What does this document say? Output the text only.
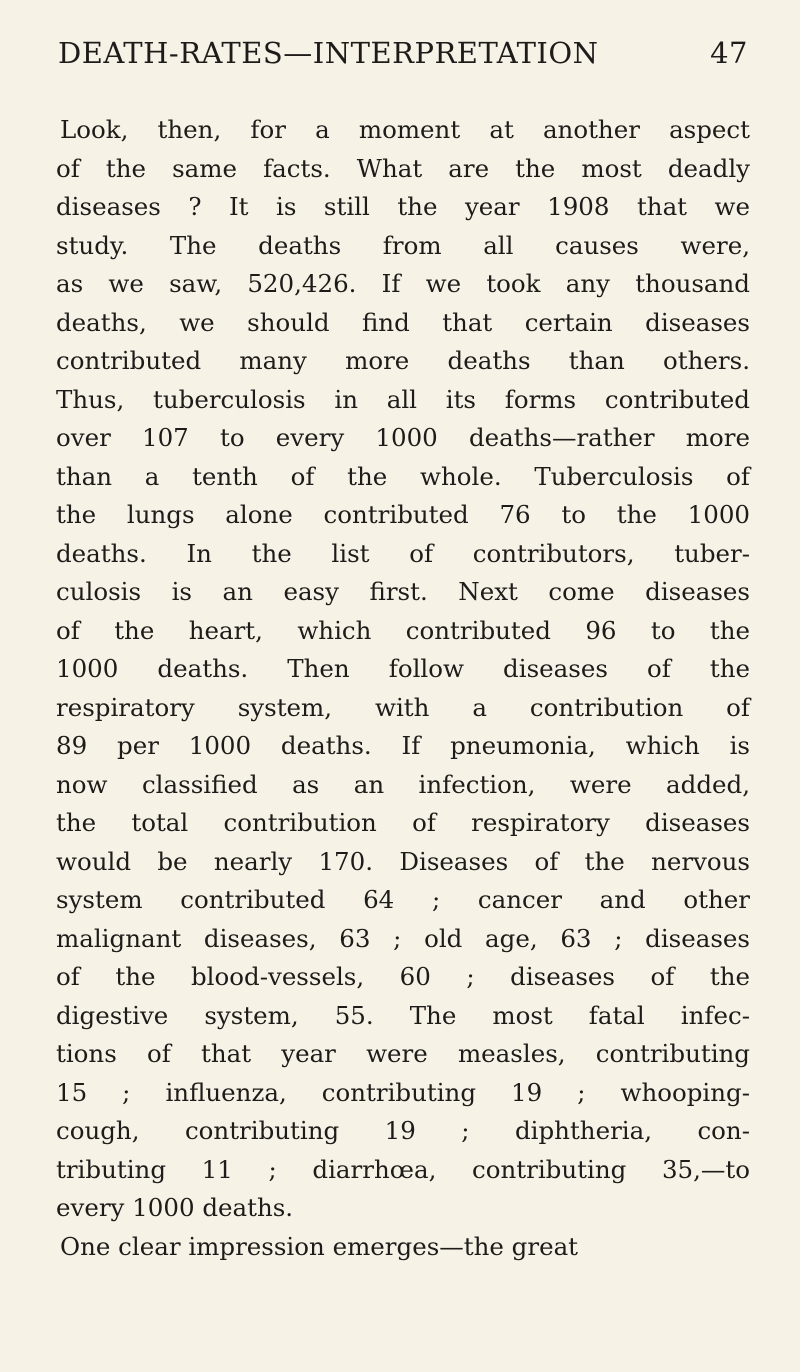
DEATH-RATES—INTERPRETATION	47
Look, then, for a moment at another aspect
of the same facts. What are the most deadly
diseases ? It is still the year 1908 that we
study. The deaths from all causes were,
as we saw, 520,426. If we took any thousand
deaths, we should find that certain diseases
contributed many more deaths than others.
Thus, tuberculosis in all its forms contributed
over 107 to every 1000 deaths—rather more
than a tenth of the whole. Tuberculosis of
the lungs alone contributed 76 to the 1000
deaths. In the list of contributors, tuber-
culosis is an easy first. Next come diseases
of the heart, which contributed 96 to the
1000 deaths. Then follow diseases of the
respiratory system, with a contribution of
89 per 1000 deaths. If pneumonia, which is
now classified as an infection, were added,
the total contribution of respiratory diseases
would be nearly 170. Diseases of the nervous
system contributed 64 ; cancer and other
malignant diseases, 63 ; old age, 63 ; diseases
of the blood-vessels, 60 ; diseases of the
digestive system, 55. The most fatal infec-
tions of that year were measles, contributing
15 ; influenza, contributing 19 ; whooping-
cough, contributing 19 ; diphtheria, con-
tributing 11 ; diarrhœa, contributing 35,—to
every 1000 deaths.
One clear impression emerges—the great
